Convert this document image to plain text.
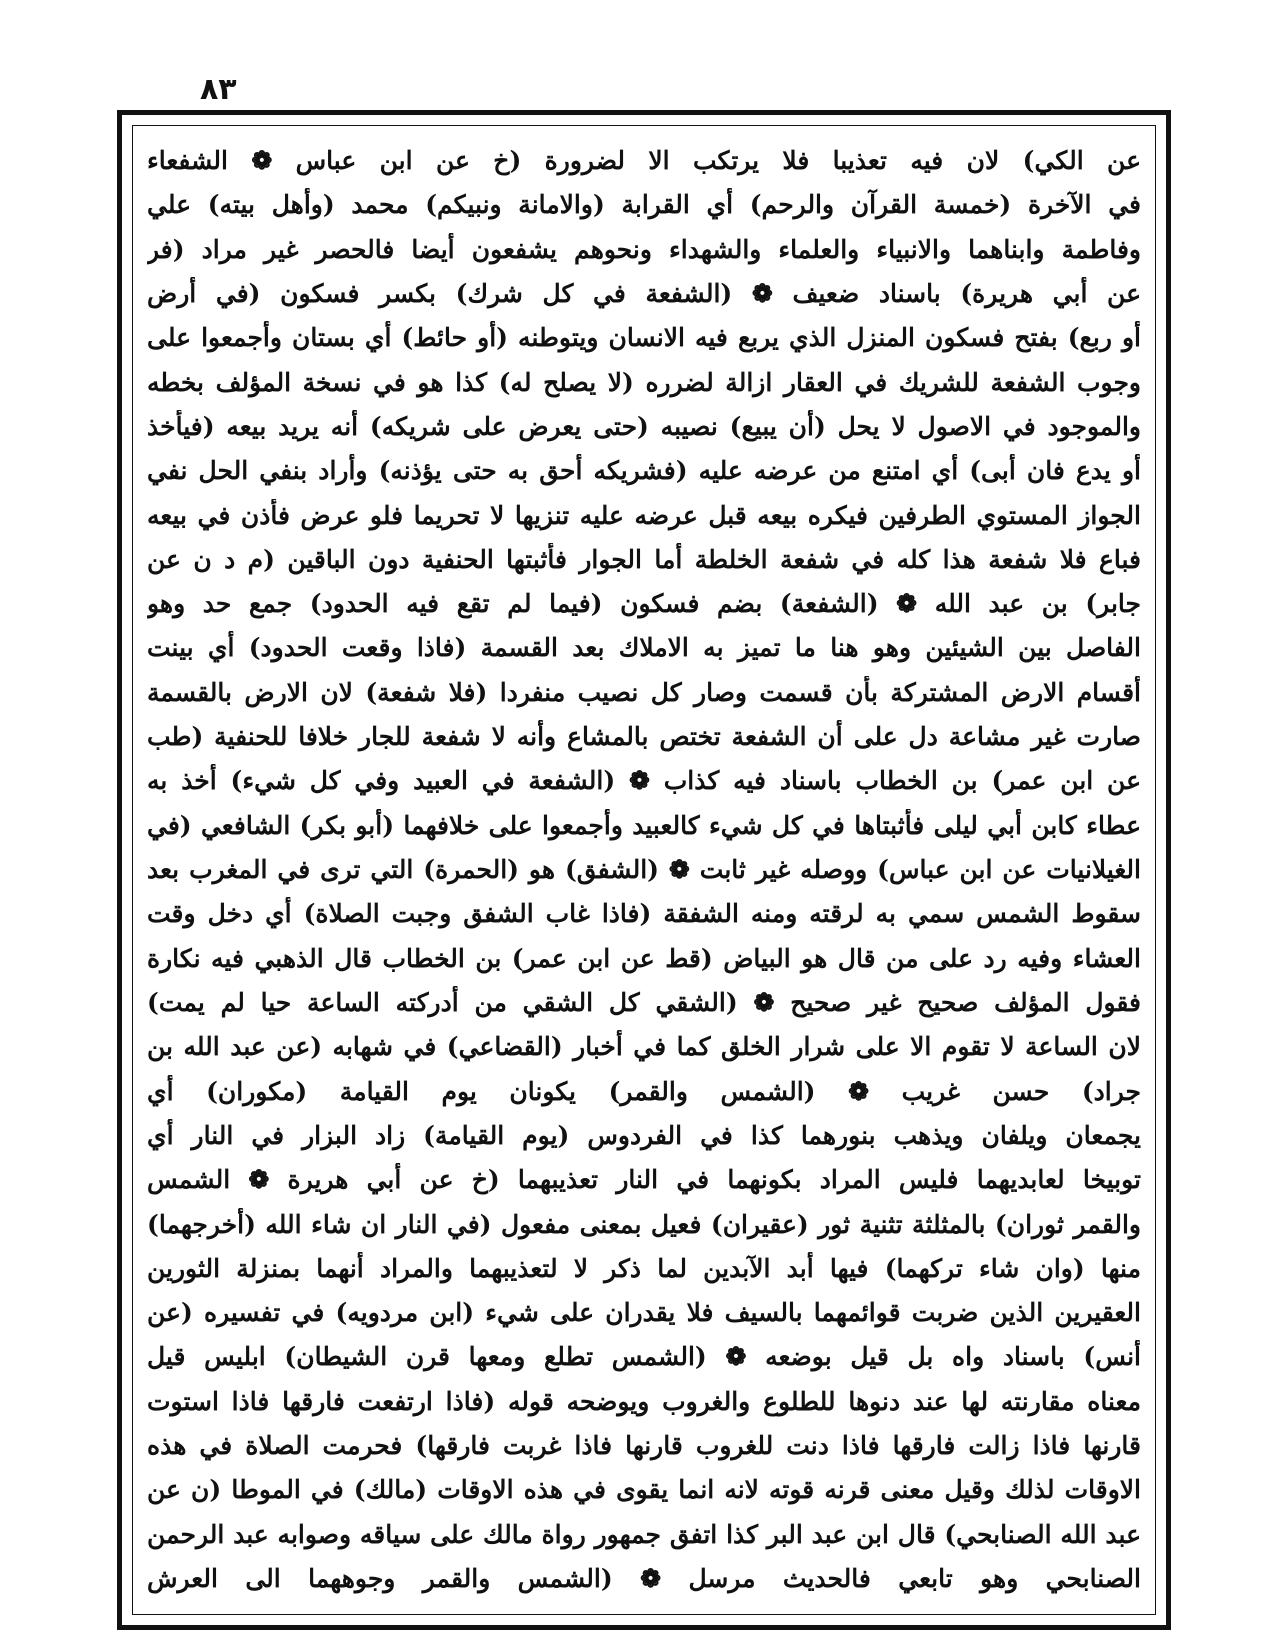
٨٣
عن الكي) لان فيه تعذيبا فلا يرتكب الا لضرورة (خ عن ابن عباس ❁ الشفعاء
في الآخرة (خمسة القرآن والرحم) أي القرابة (والامانة ونبيكم) محمد (وأهل بيته) علي
وفاطمة وابناهما والانبياء والعلماء والشهداء ونحوهم يشفعون أيضا فالحصر غير مراد (فر
عن أبي هريرة) باسناد ضعيف ❁ (الشفعة في كل شرك) بكسر فسكون (في أرض
أو ربع) بفتح فسكون المنزل الذي يربع فيه الانسان ويتوطنه (أو حائط) أي بستان وأجمعوا على
وجوب الشفعة للشريك في العقار ازالة لضرره (لا يصلح له) كذا هو في نسخة المؤلف بخطه
والموجود في الاصول لا يحل (أن يبيع) نصيبه (حتى يعرض على شريكه) أنه يريد بيعه (فيأخذ
أو يدع فان أبى) أي امتنع من عرضه عليه (فشريكه أحق به حتى يؤذنه) وأراد بنفي الحل نفي
الجواز المستوي الطرفين فيكره بيعه قبل عرضه عليه تنزيها لا تحريما فلو عرض فأذن في بيعه
فباع فلا شفعة هذا كله في شفعة الخلطة أما الجوار فأثبتها الحنفية دون الباقين (م د ن عن
جابر) بن عبد الله ❁ (الشفعة) بضم فسكون (فيما لم تقع فيه الحدود) جمع حد وهو
الفاصل بين الشيئين وهو هنا ما تميز به الاملاك بعد القسمة (فاذا وقعت الحدود) أي بينت
أقسام الارض المشتركة بأن قسمت وصار كل نصيب منفردا (فلا شفعة) لان الارض بالقسمة
صارت غير مشاعة دل على أن الشفعة تختص بالمشاع وأنه لا شفعة للجار خلافا للحنفية (طب
عن ابن عمر) بن الخطاب باسناد فيه كذاب ❁ (الشفعة في العبيد وفي كل شيء) أخذ به
عطاء كابن أبي ليلى فأثبتاها في كل شيء كالعبيد وأجمعوا على خلافهما (أبو بكر) الشافعي (في
الغيلانيات عن ابن عباس) ووصله غير ثابت ❁ (الشفق) هو (الحمرة) التي ترى في المغرب بعد
سقوط الشمس سمي به لرقته ومنه الشفقة (فاذا غاب الشفق وجبت الصلاة) أي دخل وقت
العشاء وفيه رد على من قال هو البياض (قط عن ابن عمر) بن الخطاب قال الذهبي فيه نكارة
فقول المؤلف صحيح غير صحيح ❁ (الشقي كل الشقي من أدركته الساعة حيا لم يمت)
لان الساعة لا تقوم الا على شرار الخلق كما في أخبار (القضاعي) في شهابه (عن عبد الله بن
جراد) حسن غريب ❁ (الشمس والقمر) يكونان يوم القيامة (مكوران) أي
يجمعان ويلفان ويذهب بنورهما كذا في الفردوس (يوم القيامة) زاد البزار في النار أي
توبيخا لعابديهما فليس المراد بكونهما في النار تعذيبهما (خ عن أبي هريرة ❁ الشمس
والقمر ثوران) بالمثلثة تثنية ثور (عقيران) فعيل بمعنى مفعول (في النار ان شاء الله (أخرجهما)
منها (وان شاء تركهما) فيها أبد الآبدين لما ذكر لا لتعذيبهما والمراد أنهما بمنزلة الثورين
العقيرين الذين ضربت قوائمهما بالسيف فلا يقدران على شيء (ابن مردويه) في تفسيره (عن
أنس) باسناد واه بل قيل بوضعه ❁ (الشمس تطلع ومعها قرن الشيطان) ابليس قيل
معناه مقارنته لها عند دنوها للطلوع والغروب ويوضحه قوله (فاذا ارتفعت فارقها فاذا استوت
قارنها فاذا زالت فارقها فاذا دنت للغروب قارنها فاذا غربت فارقها) فحرمت الصلاة في هذه
الاوقات لذلك وقيل معنى قرنه قوته لانه انما يقوى في هذه الاوقات (مالك) في الموطا (ن عن
عبد الله الصنابحي) قال ابن عبد البر كذا اتفق جمهور رواة مالك على سياقه وصوابه عبد الرحمن
الصنابحي وهو تابعي فالحديث مرسل ❁ (الشمس والقمر وجوههما الى العرش
